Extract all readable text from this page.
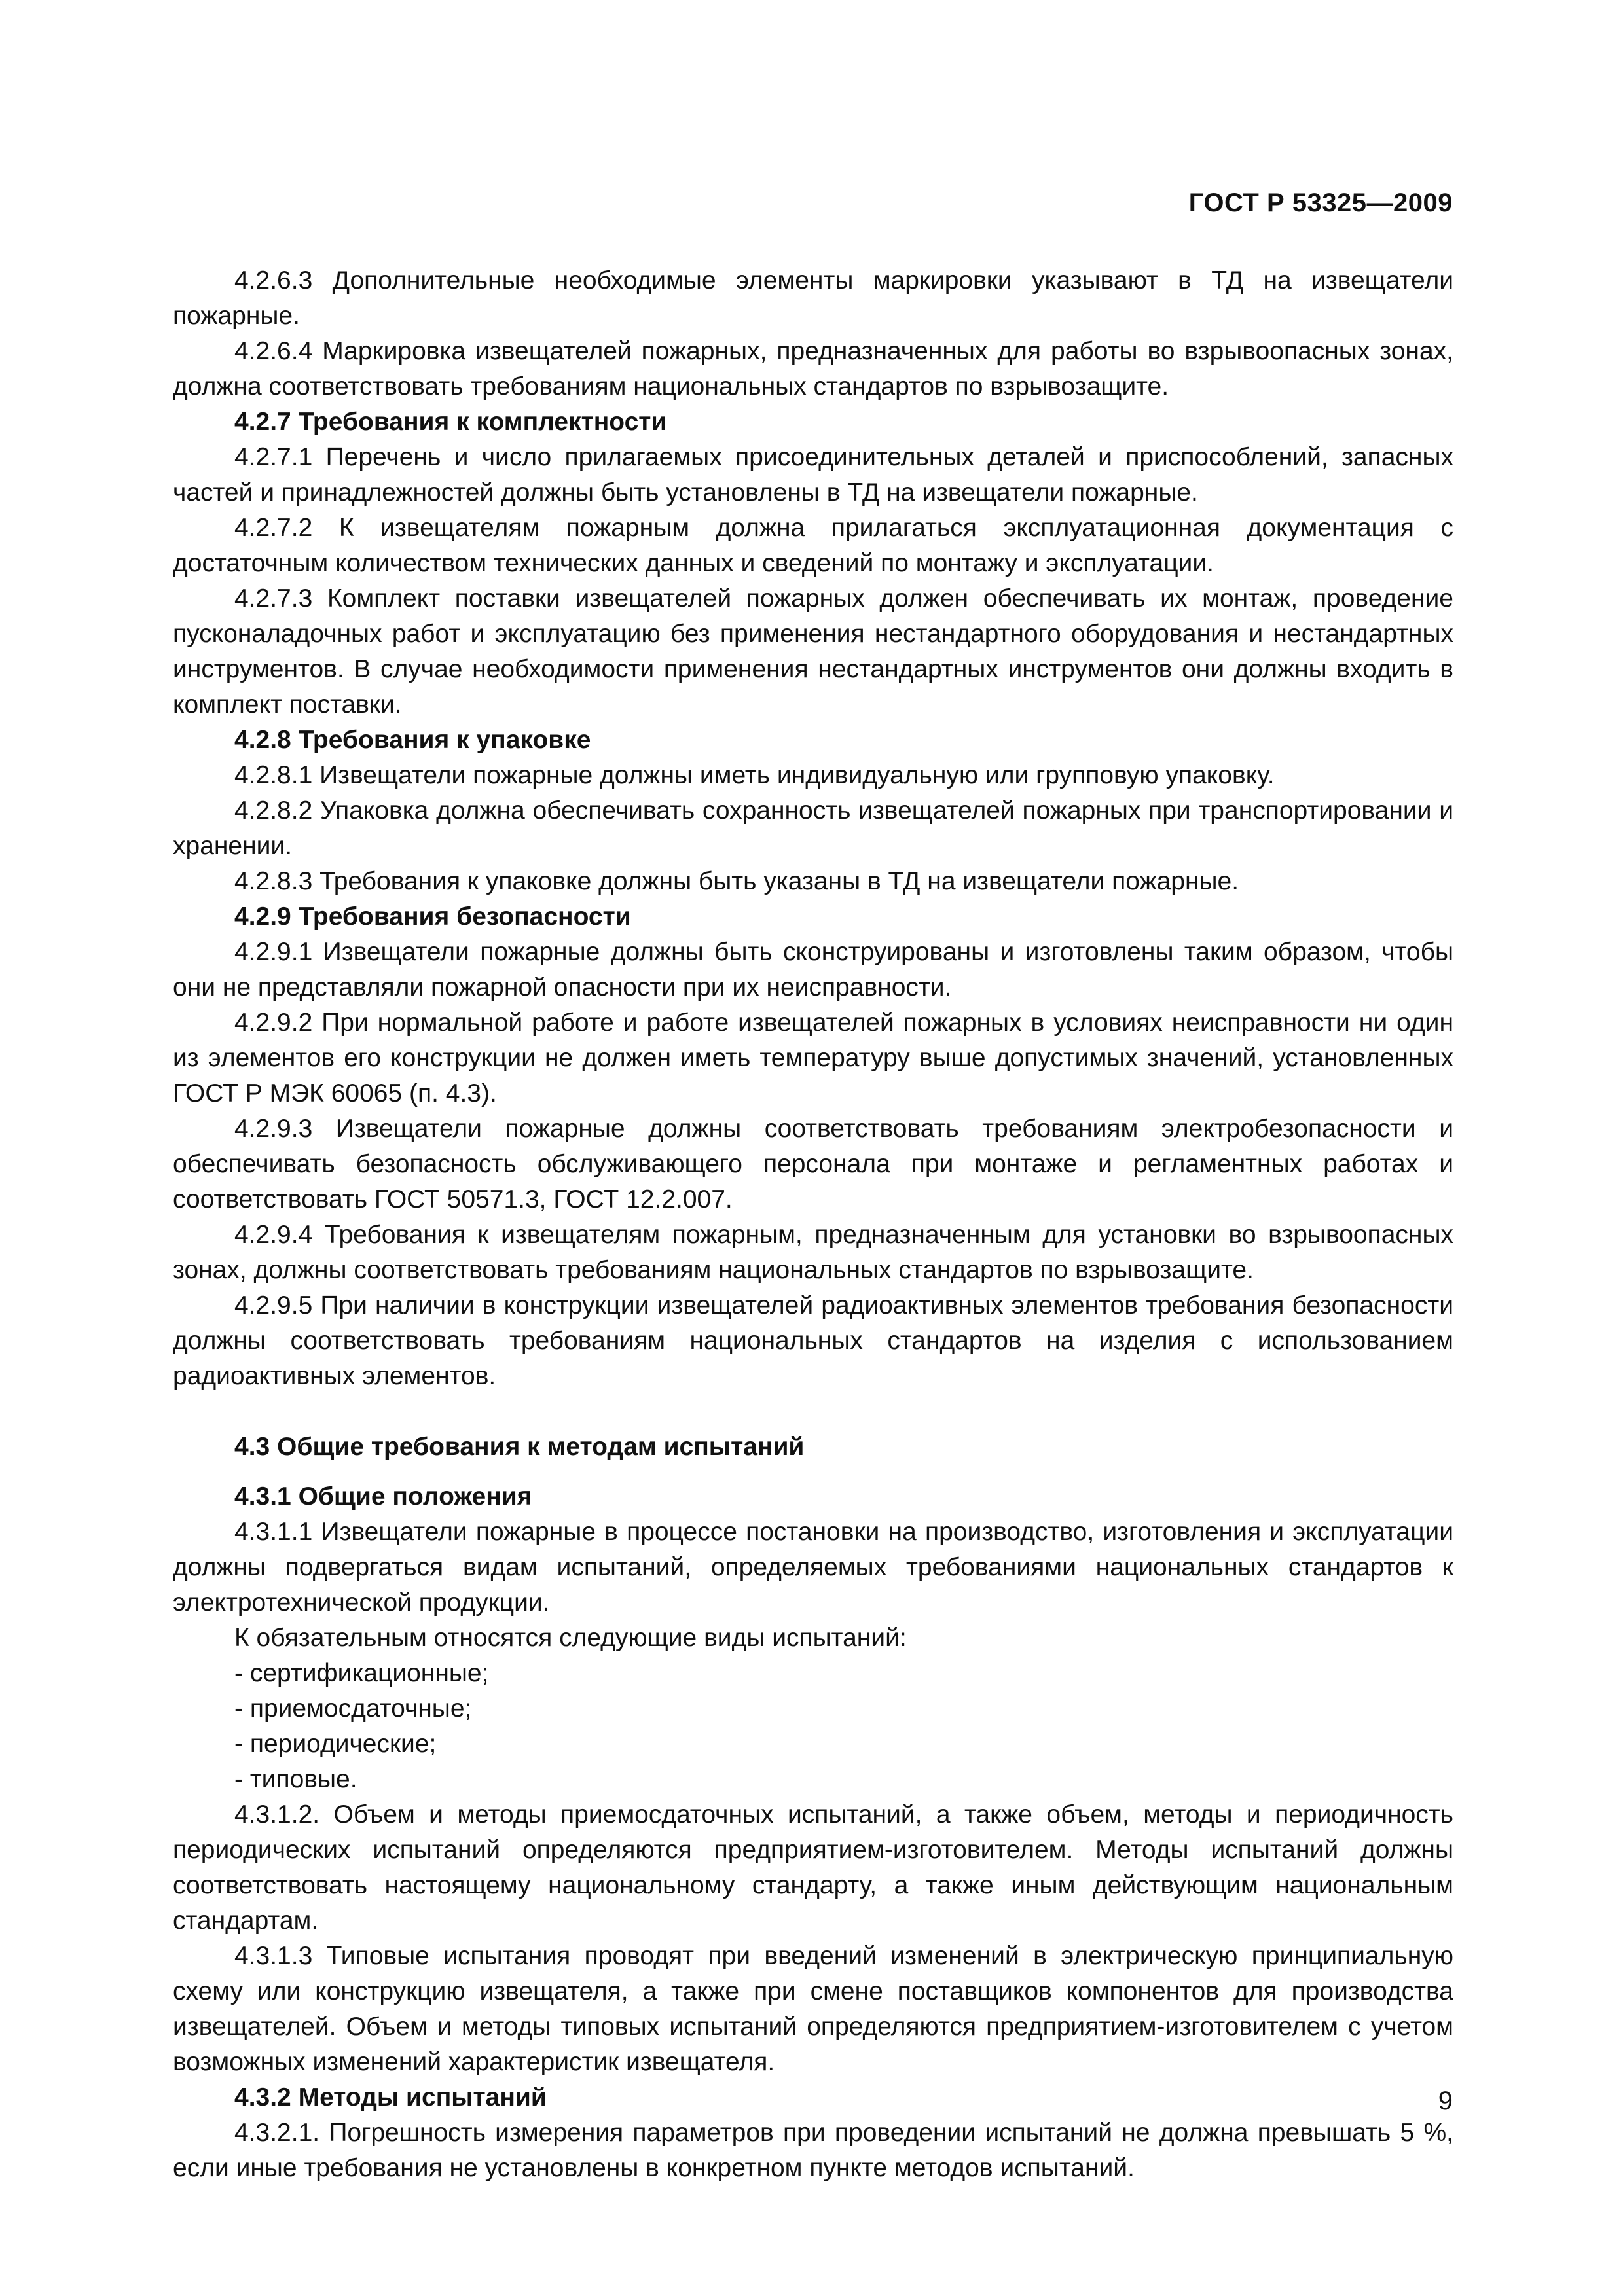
ГОСТ Р 53325—2009

4.2.6.3 Дополнительные необходимые элементы маркировки указывают в ТД на извещатели пожарные.

4.2.6.4 Маркировка извещателей пожарных, предназначенных для работы во взрывоопасных зонах, должна соответствовать требованиям национальных стандартов по взрывозащите.

4.2.7 Требования к комплектности

4.2.7.1 Перечень и число прилагаемых присоединительных деталей и приспособлений, запасных частей и принадлежностей должны быть установлены в ТД на извещатели пожарные.

4.2.7.2 К извещателям пожарным должна прилагаться эксплуатационная документация с достаточным количеством технических данных и сведений по монтажу и эксплуатации.

4.2.7.3 Комплект поставки извещателей пожарных должен обеспечивать их монтаж, проведение пусконаладочных работ и эксплуатацию без применения нестандартного оборудования и нестандартных инструментов. В случае необходимости применения нестандартных инструментов они должны входить в комплект поставки.

4.2.8 Требования к упаковке

4.2.8.1 Извещатели пожарные должны иметь индивидуальную или групповую упаковку.

4.2.8.2 Упаковка должна обеспечивать сохранность извещателей пожарных при транспортировании и хранении.

4.2.8.3 Требования к упаковке должны быть указаны в ТД на извещатели пожарные.

4.2.9 Требования безопасности

4.2.9.1 Извещатели пожарные должны быть сконструированы и изготовлены таким образом, чтобы они не представляли пожарной опасности при их неисправности.

4.2.9.2 При нормальной работе и работе извещателей пожарных в условиях неисправности ни один из элементов его конструкции не должен иметь температуру выше допустимых значений, установленных ГОСТ Р МЭК 60065 (п. 4.3).

4.2.9.3 Извещатели пожарные должны соответствовать требованиям электробезопасности и обеспечивать безопасность обслуживающего персонала при монтаже и регламентных работах и соответствовать ГОСТ 50571.3, ГОСТ 12.2.007.

4.2.9.4 Требования к извещателям пожарным, предназначенным для установки во взрывоопасных зонах, должны соответствовать требованиям национальных стандартов по взрывозащите.

4.2.9.5 При наличии в конструкции извещателей радиоактивных элементов требования безопасности должны соответствовать требованиям национальных стандартов на изделия с использованием радиоактивных элементов.

4.3 Общие требования к методам испытаний

4.3.1 Общие положения

4.3.1.1 Извещатели пожарные в процессе постановки на производство, изготовления и эксплуатации должны подвергаться видам испытаний, определяемых требованиями национальных стандартов к электротехнической продукции.

К обязательным относятся следующие виды испытаний:

- сертификационные;

- приемосдаточные;

- периодические;

- типовые.

4.3.1.2. Объем и методы приемосдаточных испытаний, а также объем, методы и периодичность периодических испытаний определяются предприятием-изготовителем. Методы испытаний должны соответствовать настоящему национальному стандарту, а также иным действующим национальным стандартам.

4.3.1.3 Типовые испытания проводят при введений изменений в электрическую принципиальную схему или конструкцию извещателя, а также при смене поставщиков компонентов для производства извещателей. Объем и методы типовых испытаний определяются предприятием-изготовителем с учетом возможных изменений характеристик извещателя.

4.3.2 Методы испытаний

4.3.2.1. Погрешность измерения параметров при проведении испытаний не должна превышать 5 %, если иные требования не установлены в конкретном пункте методов испытаний.

9
